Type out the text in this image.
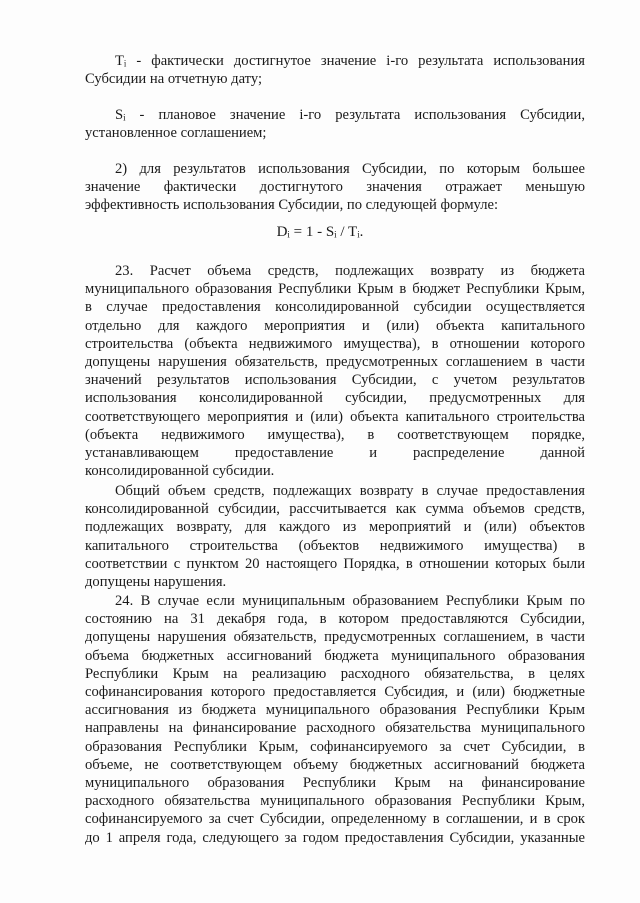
Tᵢ - фактически достигнутое значение і-го результата использования
Субсидии на отчетную дату;

Sᵢ - плановое значение і-го результата использования Субсидии,
установленное соглашением;

2) для результатов использования Субсидии, по которым большее
значение фактически достигнутого значения отражает меньшую
эффективность использования Субсидии, по следующей формуле:

Dᵢ = 1 - Sᵢ / Tᵢ.

23. Расчет объема средств, подлежащих возврату из бюджета
муниципального образования Республики Крым в бюджет Республики Крым,
в случае предоставления консолидированной субсидии осуществляется
отдельно для каждого мероприятия и (или) объекта капитального
строительства (объекта недвижимого имущества), в отношении которого
допущены нарушения обязательств, предусмотренных соглашением в части
значений результатов использования Субсидии, с учетом результатов
использования консолидированной субсидии, предусмотренных для
соответствующего мероприятия и (или) объекта капитального строительства
(объекта недвижимого имущества), в соответствующем порядке,
устанавливающем предоставление и распределение данной
консолидированной субсидии.

Общий объем средств, подлежащих возврату в случае предоставления
консолидированной субсидии, рассчитывается как сумма объемов средств,
подлежащих возврату, для каждого из мероприятий и (или) объектов
капитального строительства (объектов недвижимого имущества) в
соответствии с пунктом 20 настоящего Порядка, в отношении которых были
допущены нарушения.

24. В случае если муниципальным образованием Республики Крым по
состоянию на 31 декабря года, в котором предоставляются Субсидии,
допущены нарушения обязательств, предусмотренных соглашением, в части
объема бюджетных ассигнований бюджета муниципального образования
Республики Крым на реализацию расходного обязательства, в целях
софинансирования которого предоставляется Субсидия, и (или) бюджетные
ассигнования из бюджета муниципального образования Республики Крым
направлены на финансирование расходного обязательства муниципального
образования Республики Крым, софинансируемого за счет Субсидии, в
объеме, не соответствующем объему бюджетных ассигнований бюджета
муниципального образования Республики Крым на финансирование
расходного обязательства муниципального образования Республики Крым,
софинансируемого за счет Субсидии, определенному в соглашении, и в срок
до 1 апреля года, следующего за годом предоставления Субсидии, указанные
